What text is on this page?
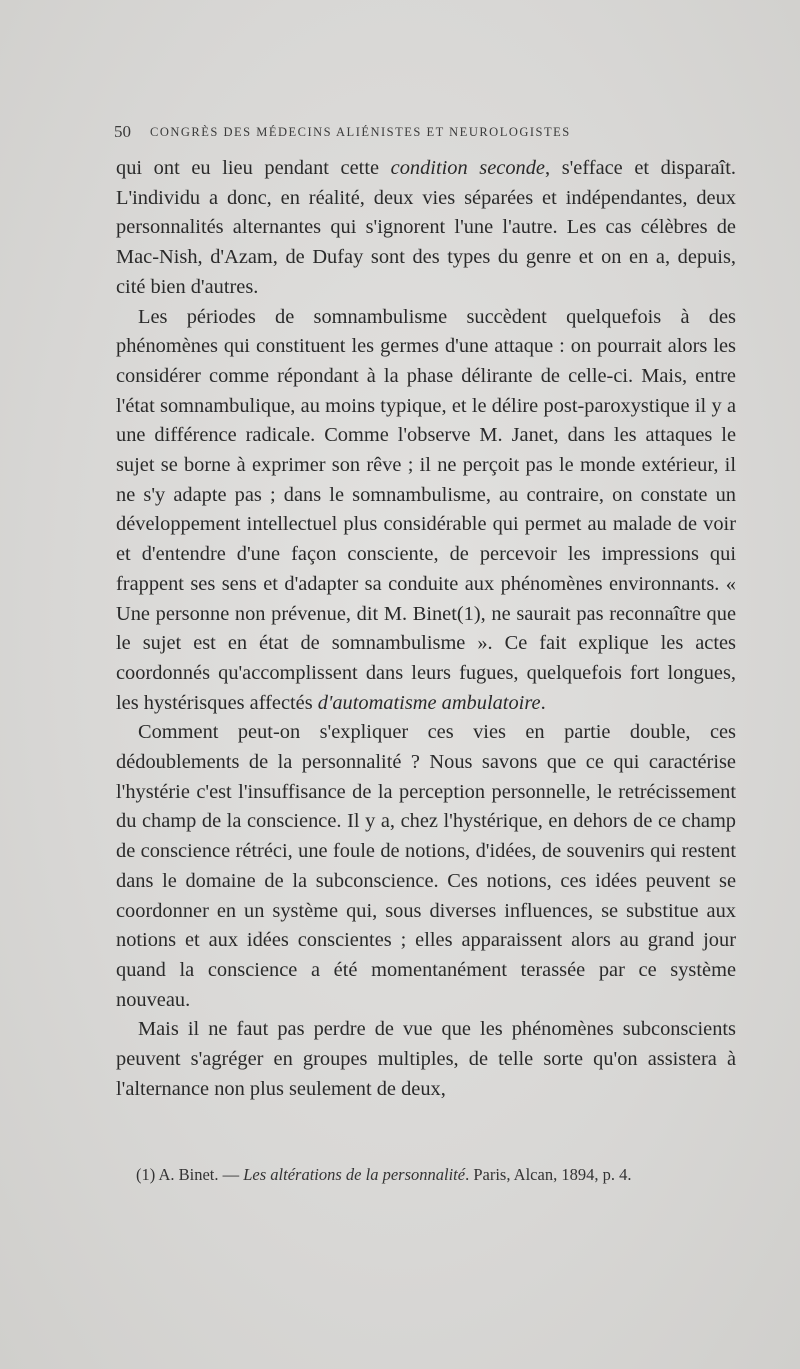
50 CONGRÈS DES MÉDECINS ALIÉNISTES ET NEUROLOGISTES

qui ont eu lieu pendant cette condition seconde, s'efface et disparaît. L'individu a donc, en réalité, deux vies séparées et indépendantes, deux personnalités alternantes qui s'ignorent l'une l'autre. Les cas célèbres de Mac-Nish, d'Azam, de Dufay sont des types du genre et on en a, depuis, cité bien d'autres.

Les périodes de somnambulisme succèdent quelquefois à des phénomènes qui constituent les germes d'une attaque : on pourrait alors les considérer comme répondant à la phase délirante de celle-ci. Mais, entre l'état somnambulique, au moins typique, et le délire post-paroxystique il y a une différence radicale. Comme l'observe M. Janet, dans les attaques le sujet se borne à exprimer son rêve ; il ne perçoit pas le monde extérieur, il ne s'y adapte pas ; dans le somnambulisme, au contraire, on constate un développement intellectuel plus considérable qui permet au malade de voir et d'entendre d'une façon consciente, de percevoir les impressions qui frappent ses sens et d'adapter sa conduite aux phénomènes environnants. « Une personne non prévenue, dit M. Binet(1), ne saurait pas reconnaître que le sujet est en état de somnambulisme ». Ce fait explique les actes coordonnés qu'accomplissent dans leurs fugues, quelquefois fort longues, les hystérisques affectés d'automatisme ambulatoire.

Comment peut-on s'expliquer ces vies en partie double, ces dédoublements de la personnalité ? Nous savons que ce qui caractérise l'hystérie c'est l'insuffisance de la perception personnelle, le retrécissement du champ de la conscience. Il y a, chez l'hystérique, en dehors de ce champ de conscience rétréci, une foule de notions, d'idées, de souvenirs qui restent dans le domaine de la subconscience. Ces notions, ces idées peuvent se coordonner en un système qui, sous diverses influences, se substitue aux notions et aux idées conscientes ; elles apparaissent alors au grand jour quand la conscience a été momentanément terassée par ce système nouveau.

Mais il ne faut pas perdre de vue que les phénomènes subconscients peuvent s'agréger en groupes multiples, de telle sorte qu'on assistera à l'alternance non plus seulement de deux,

(1) A. Binet. — Les altérations de la personnalité. Paris, Alcan, 1894, p. 4.
